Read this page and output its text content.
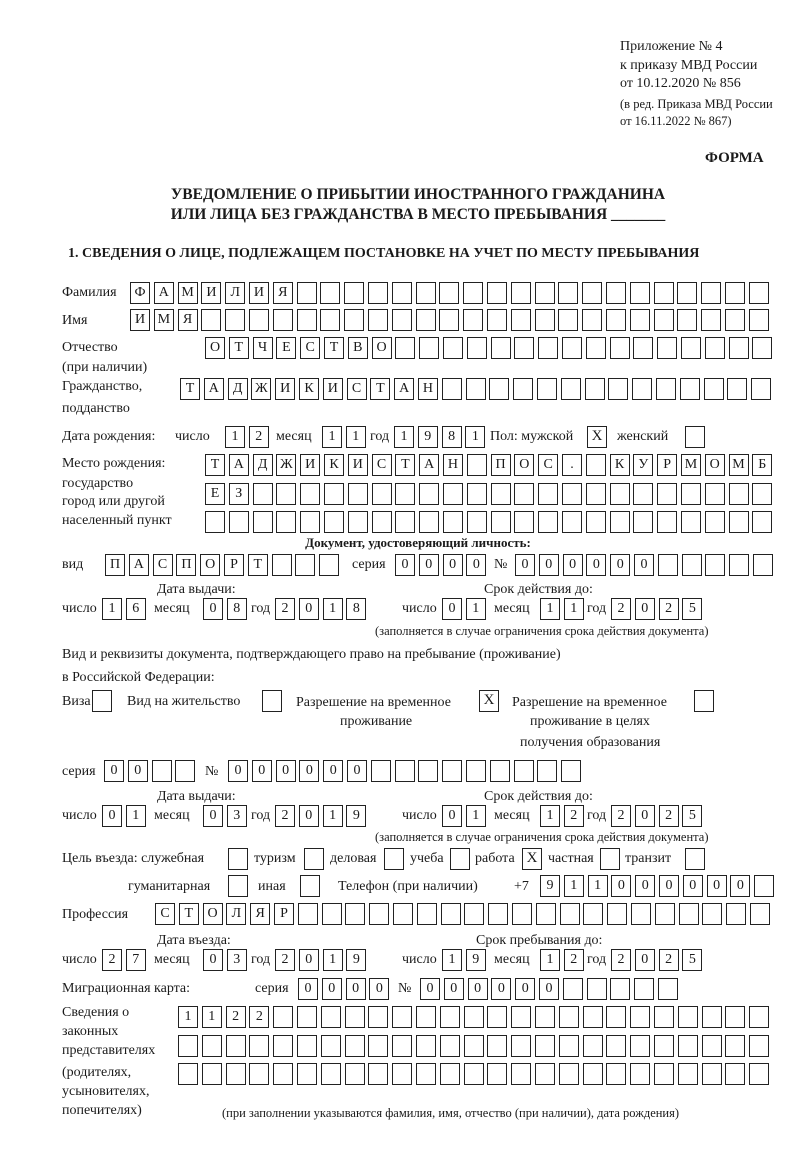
Приложение № 4
к приказу МВД России
от 10.12.2020 № 856
(в ред. Приказа МВД России
от 16.11.2022 № 867)
ФОРМА
УВЕДОМЛЕНИЕ О ПРИБЫТИИ ИНОСТРАННОГО ГРАЖДАНИНА
ИЛИ ЛИЦА БЕЗ ГРАЖДАНСТВА В МЕСТО ПРЕБЫВАНИЯ _______
1. СВЕДЕНИЯ О ЛИЦЕ, ПОДЛЕЖАЩЕМ ПОСТАНОВКЕ НА УЧЕТ ПО МЕСТУ ПРЕБЫВАНИЯ
Фамилия	Ф А М И Л И	Я
Имя	И М Я
Отчество
(при наличии)
О	Т	Ч	Е	С	Т	В	О
Гражданство,
подданство
Т	А Д Ж И	К	И	С	Т	А Н
Дата рождения: число	1	2 месяц	1	1 год 1	9	8	1 Пол: мужской	X	женский
Место рождения:
государство
город или другой
населенный пункт
Т	А Д Ж И	К	И	С	Т	А Н	П О	С	.	К	У	Р М О М Б
Е	З
Документ, удостоверяющий личность:
вид	П А	С	П О	Р	Т	серия	0	0	0	0	№	0	0	0	0	0	0
Дата выдачи:	Срок действия до:
число 1	6	месяц	0	8 год 2	0	1	8	число 0	1	месяц	1	1 год 2	0	2	5
(заполняется в случае ограничения срока действия документа)
Вид и реквизиты документа, подтверждающего право на пребывание (проживание)
в Российской Федерации:
Виза	Вид на жительство	Разрешение на временное
проживание
X	Разрешение на временное
проживание в целях
получения образования
серия	0	0	№	0	0	0	0	0	0
Дата выдачи:	Срок действия до:
число 0	1	месяц	0	3 год 2	0	1	9	число 0	1	месяц	1	2 год 2	0	2	5
(заполняется в случае ограничения срока действия документа)
Цель въезда: служебная	туризм деловая учеба работа X частная транзит
гуманитарная	иная	Телефон (при наличии)	+7	9	1	1	0	0	0	0	0	0
Профессия	С	Т	О Л	Я	Р
Дата въезда:	Срок пребывания до:
число 2	7	месяц	0	3 год 2	0	1	9	число 1	9	месяц	1	2 год 2	0	2	5
Миграционная карта:	серия	0	0	0	0	№	0	0	0	0	0	0
Сведения о
законных
представителях
(родителях,
усыновителях,
попечителях)
1	1	2	2
(при заполнении указываются фамилия, имя, отчество (при наличии), дата рождения)
